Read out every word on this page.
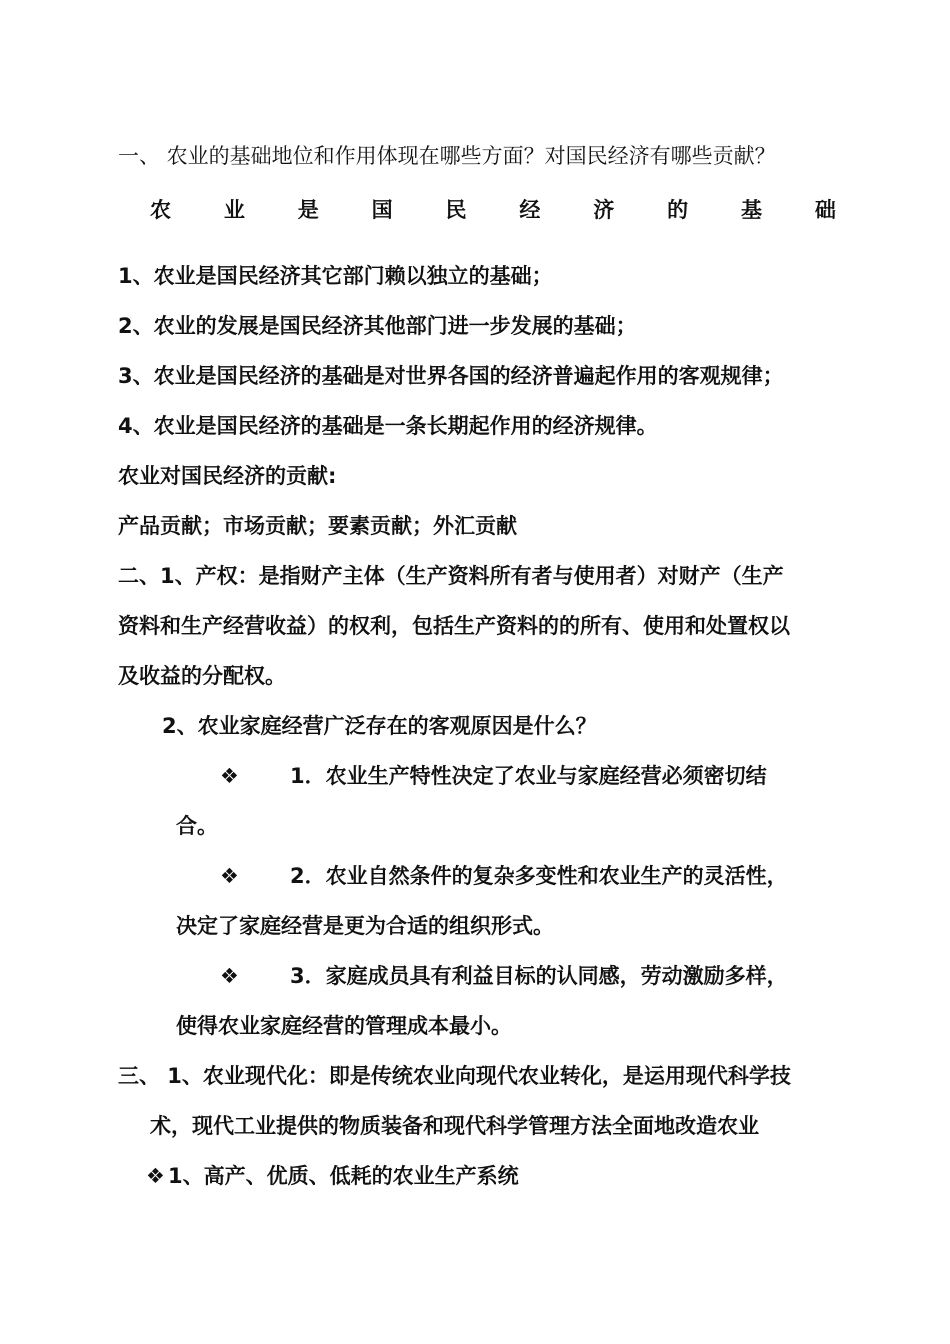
一、 农业的基础地位和作用体现在哪些方面？对国民经济有哪些贡献？
农	业	是	国	民	经	济	的	基	础
1、农业是国民经济其它部门赖以独立的基础；
2、农业的发展是国民经济其他部门进一步发展的基础；
3、农业是国民经济的基础是对世界各国的经济普遍起作用的客观规律；
4、农业是国民经济的基础是一条长期起作用的经济规律。
农业对国民经济的贡献:
产品贡献；市场贡献；要素贡献；外汇贡献
二、1、产权：是指财产主体（生产资料所有者与使用者）对财产（生产
资料和生产经营收益）的权利，包括生产资料的的所有、使用和处置权以
及收益的分配权。
2、农业家庭经营广泛存在的客观原因是什么？
❖ 1．农业生产特性决定了农业与家庭经营必须密切结
合。
❖ 2．农业自然条件的复杂多变性和农业生产的灵活性，
决定了家庭经营是更为合适的组织形式。
❖ 3．家庭成员具有利益目标的认同感，劳动激励多样，
使得农业家庭经营的管理成本最小。
三、 1、农业现代化：即是传统农业向现代农业转化，是运用现代科学技
术，现代工业提供的物质装备和现代科学管理方法全面地改造农业
❖ 1、高产、优质、低耗的农业生产系统
